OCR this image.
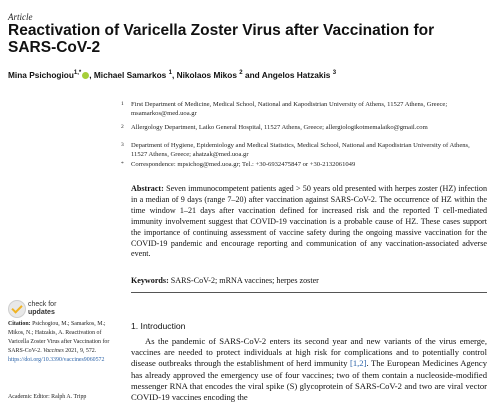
Article
Reactivation of Varicella Zoster Virus after Vaccination for SARS-CoV-2
Mina Psichogiou$^{1,*}$ , Michael Samarkos $^1$, Nikolaos Mikos $^2$ and Angelos Hatzakis $^3$
1 First Department of Medicine, Medical School, National and Kapodistrian University of Athens, 11527 Athens, Greece; msamarkos@med.uoa.gr
2 Allergology Department, Laiko General Hospital, 11527 Athens, Greece; allergiologikotmemalaiko@gmail.com
3 Department of Hygiene, Epidemiology and Medical Statistics, Medical School, National and Kapodistrian University of Athens, 11527 Athens, Greece; ahatzak@med.uoa.gr
* Correspondence: mpsichog@med.uoa.gr; Tel.: +30-6932475847 or +30-2132061049
Abstract: Seven immunocompetent patients aged > 50 years old presented with herpes zoster (HZ) infection in a median of 9 days (range 7–20) after vaccination against SARS-CoV-2. The occurrence of HZ within the time window 1–21 days after vaccination defined for increased risk and the reported T cell-mediated immunity involvement suggest that COVID-19 vaccination is a probable cause of HZ. These cases support the importance of continuing assessment of vaccine safety during the ongoing massive vaccination for the COVID-19 pandemic and encourage reporting and communication of any vaccination-associated adverse event.
Keywords: SARS-CoV-2; mRNA vaccines; herpes zoster
check for
updates
Citation: Psichogiou, M.; Samarkos, M.; Mikos, N.; Hatzakis, A. Reactivation of Varicella Zoster Virus after Vaccination for SARS-CoV-2. Vaccines 2021, 9, 572. https://doi.org/10.3390/vaccines9060572
Academic Editor: Ralph A. Tripp
1. Introduction
As the pandemic of SARS-CoV-2 enters its second year and new variants of the virus emerge, vaccines are needed to protect individuals at high risk for complications and to potentially control disease outbreaks through the establishment of herd immunity [1,2]. The European Medicines Agency has already approved the emergency use of four vaccines; two of them contain a nucleoside-modified messenger RNA that encodes the viral spike (S) glycoprotein of SARS-CoV-2 and two are viral vector COVID-19 vaccines encoding the
